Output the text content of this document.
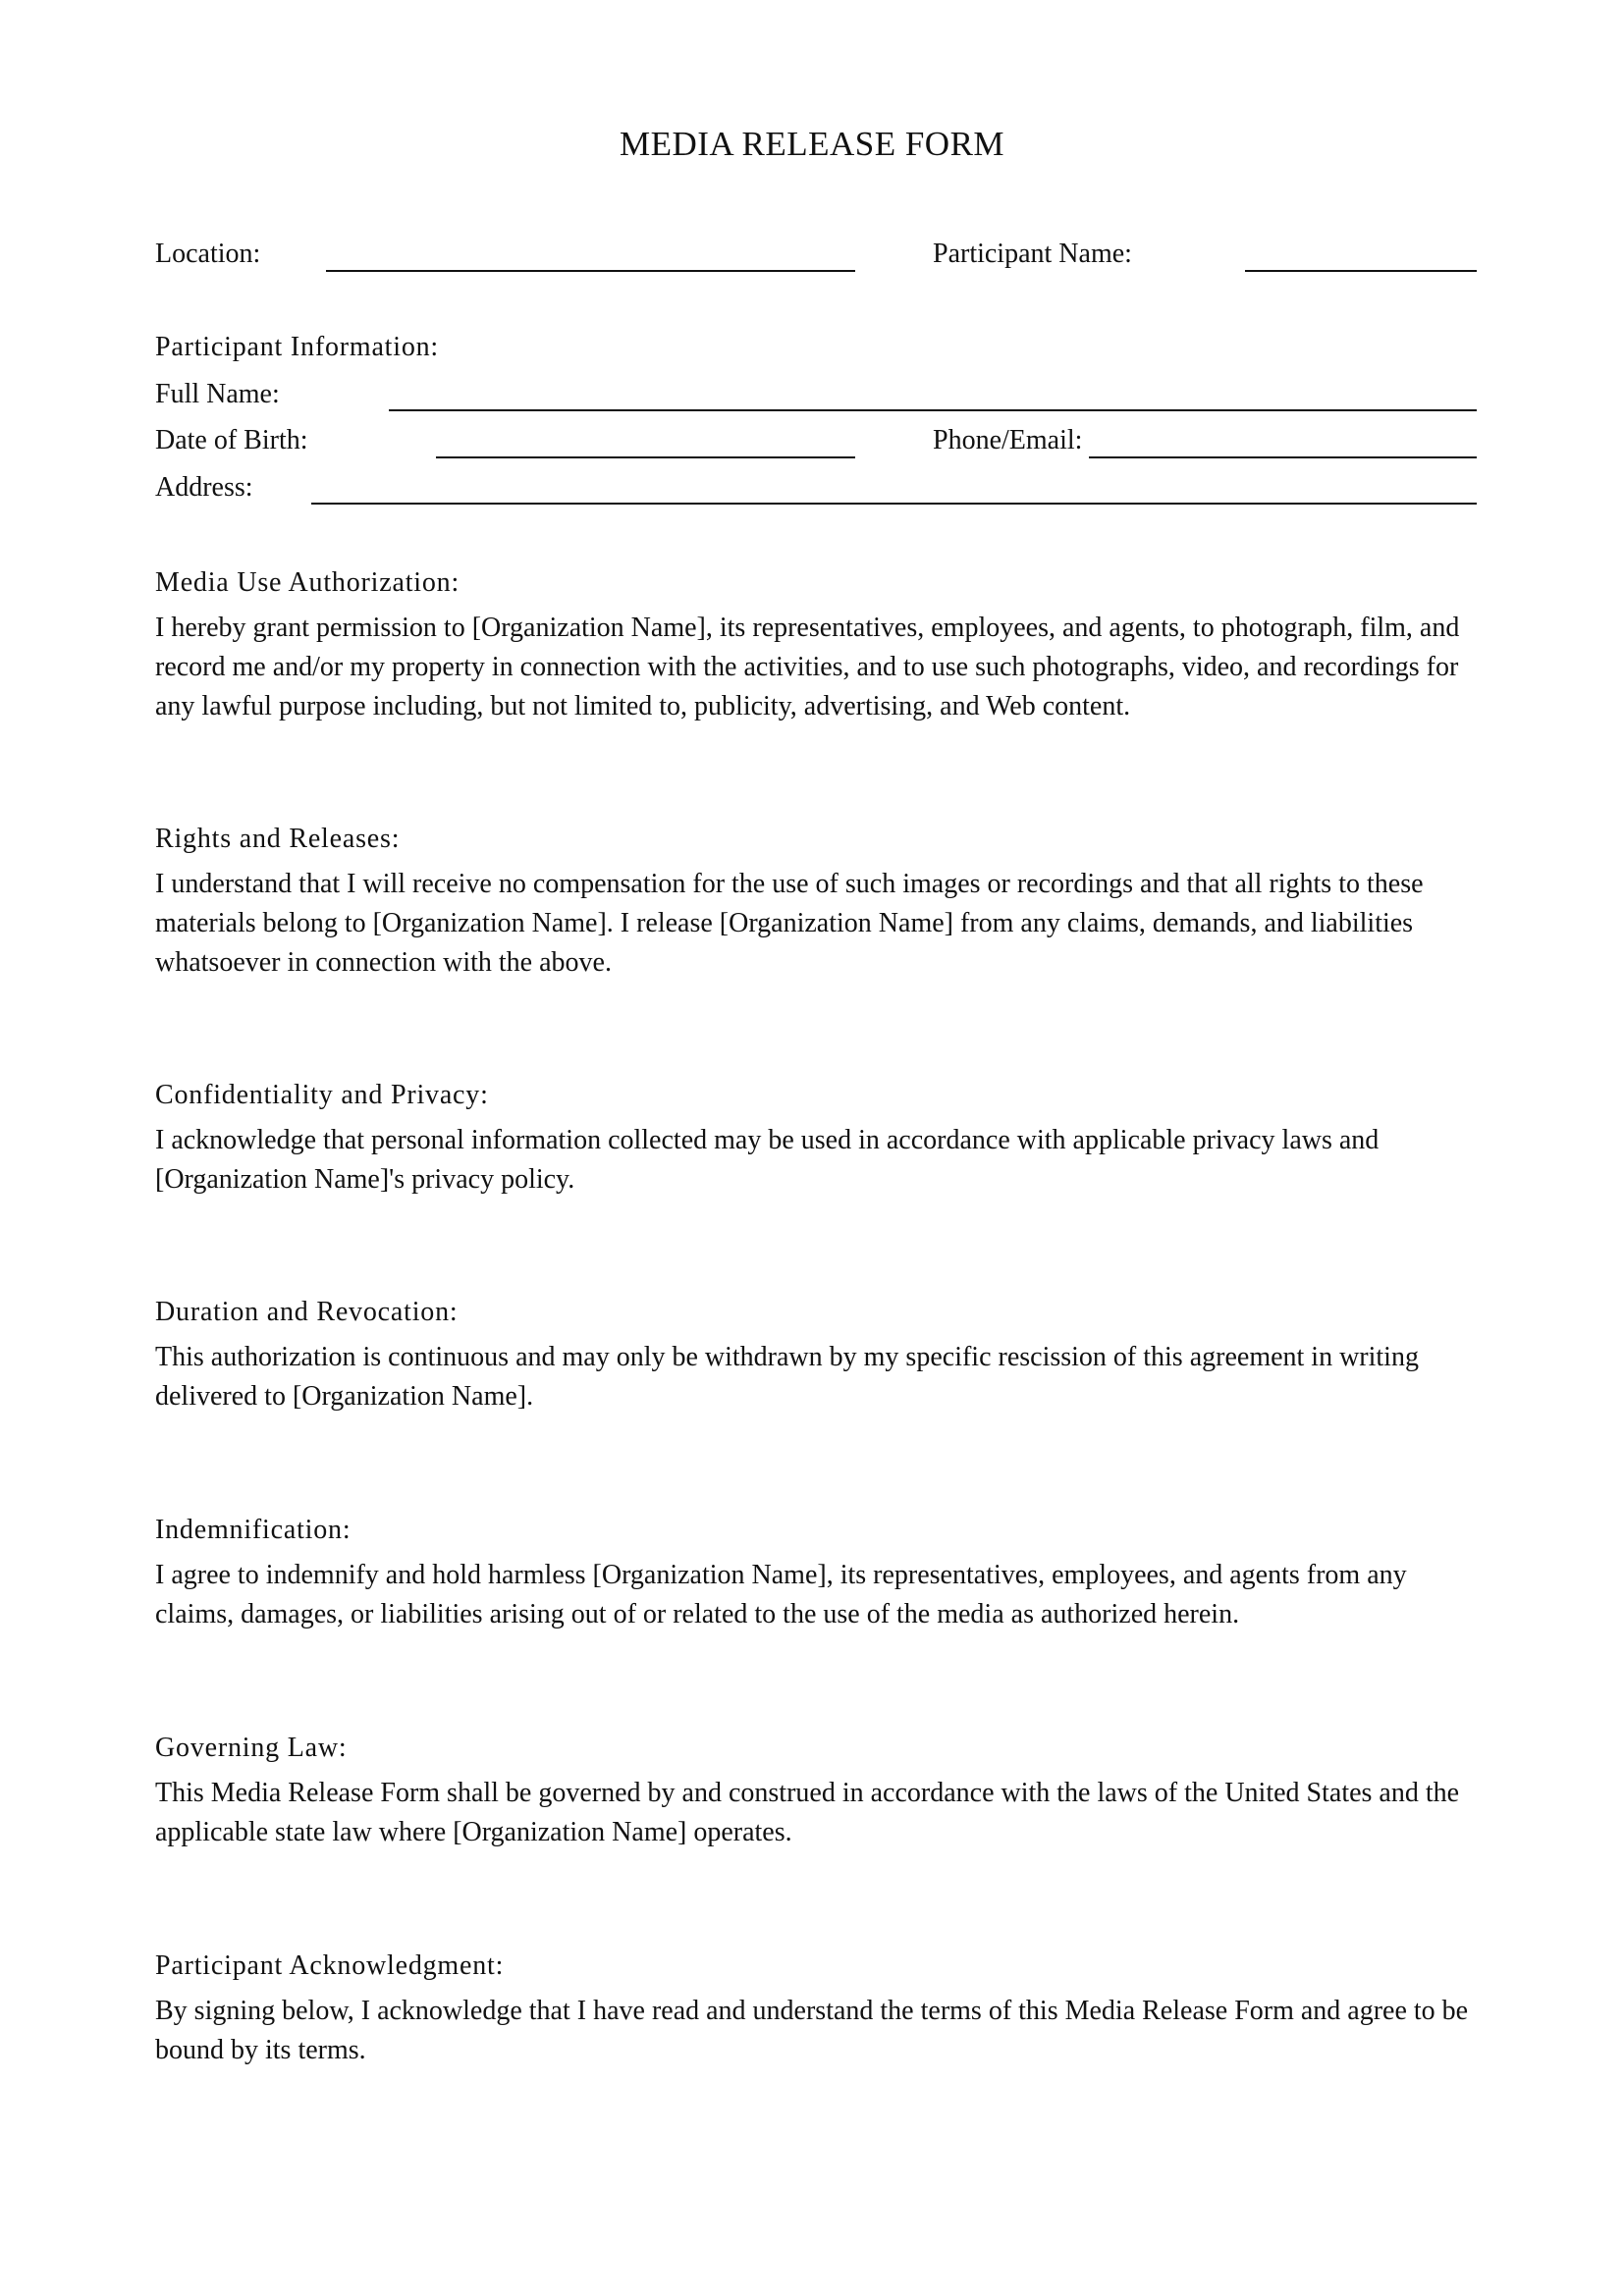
MEDIA RELEASE FORM
Location:	Participant Name:
Participant Information:
Full Name:
Date of Birth:	Phone/Email:
Address:
Media Use Authorization:

I hereby grant permission to [Organization Name], its representatives, employees, and agents, to photograph, film, and record me and/or my property in connection with the activities, and to use such photographs, video, and recordings for any lawful purpose including, but not limited to, publicity, advertising, and Web content.

Rights and Releases:

I understand that I will receive no compensation for the use of such images or recordings and that all rights to these materials belong to [Organization Name]. I release [Organization Name] from any claims, demands, and liabilities whatsoever in connection with the above.

Confidentiality and Privacy:

I acknowledge that personal information collected may be used in accordance with applicable privacy laws and [Organization Name]'s privacy policy.

Duration and Revocation:

This authorization is continuous and may only be withdrawn by my specific rescission of this agreement in writing delivered to [Organization Name].

Indemnification:

I agree to indemnify and hold harmless [Organization Name], its representatives, employees, and agents from any claims, damages, or liabilities arising out of or related to the use of the media as authorized herein.

Governing Law:

This Media Release Form shall be governed by and construed in accordance with the laws of the United States and the applicable state law where [Organization Name] operates.

Participant Acknowledgment:

By signing below, I acknowledge that I have read and understand the terms of this Media Release Form and agree to be bound by its terms.
